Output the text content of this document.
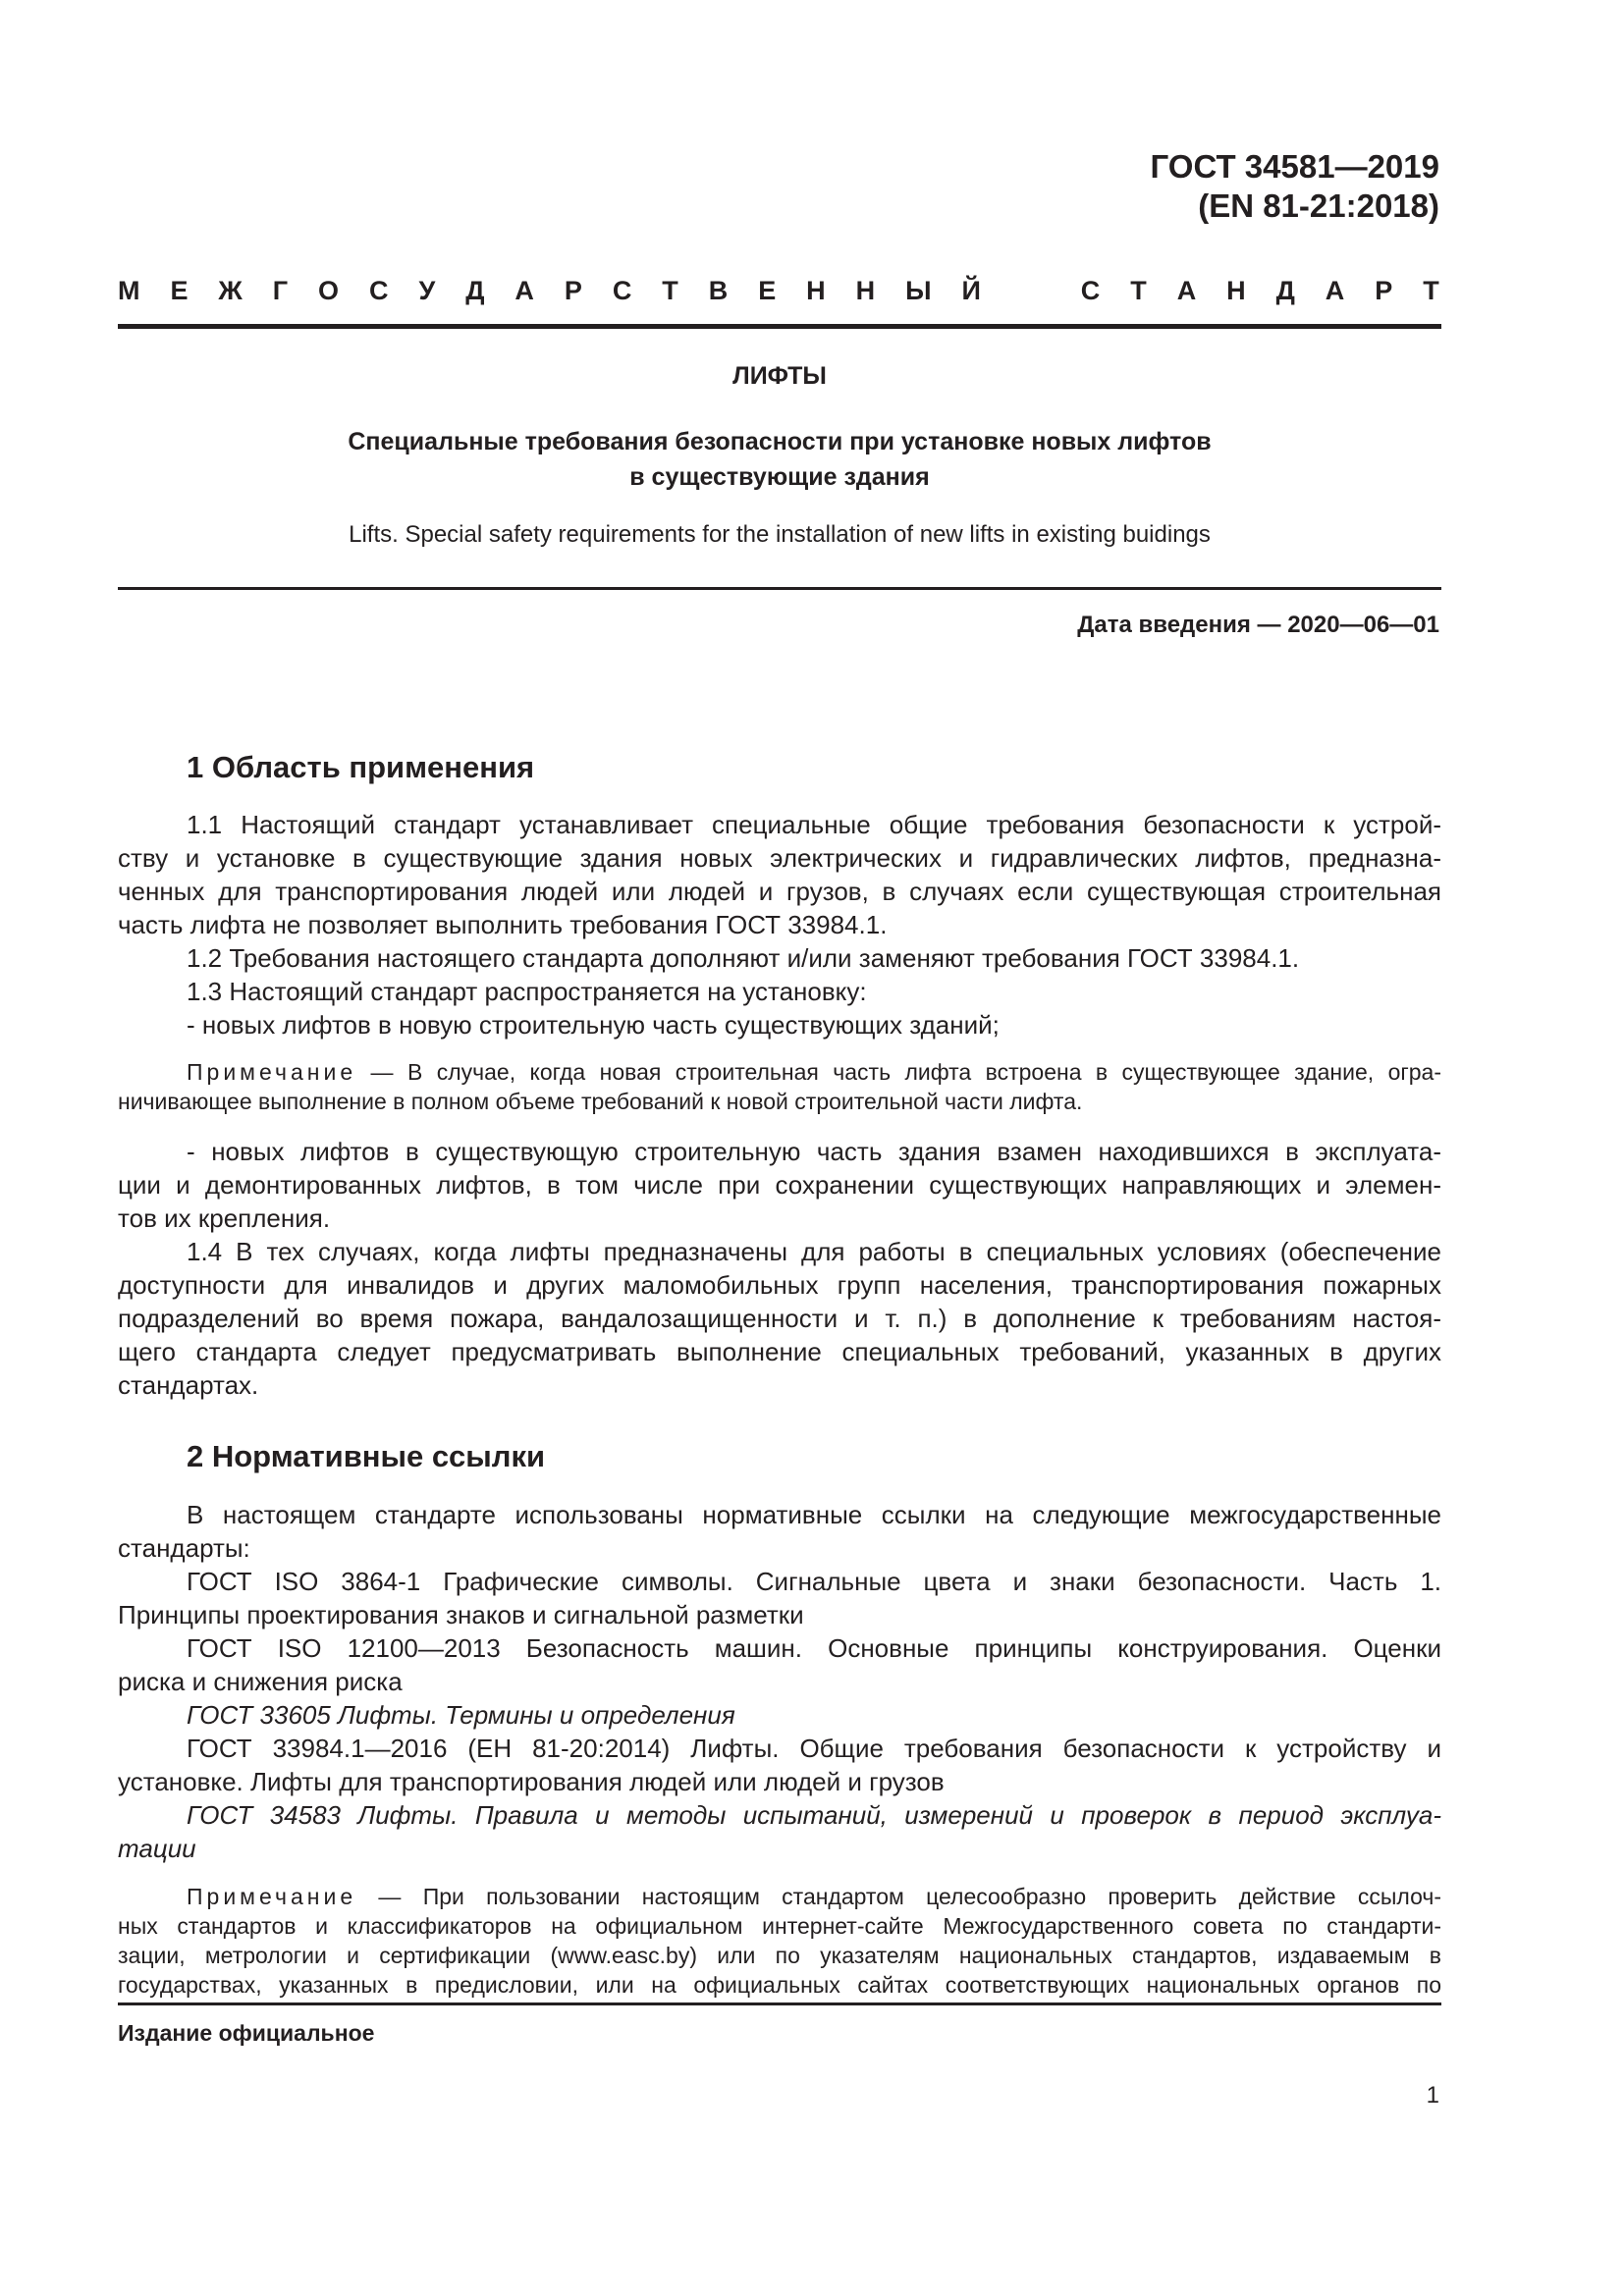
ГОСТ 34581—2019
(EN 81-21:2018)
М Е Ж Г О С У Д А Р С Т В Е Н Н Ы Й	С Т А Н Д А Р Т
ЛИФТЫ
Специальные требования безопасности при установке новых лифтов
в существующие здания
Lifts. Special safety requirements for the installation of new lifts in existing buidings
Дата введения — 2020—06—01
1 Область применения
1.1 Настоящий стандарт устанавливает специальные общие требования безопасности к устрой-
ству и установке в существующие здания новых электрических и гидравлических лифтов, предназна-
ченных для транспортирования людей или людей и грузов, в случаях если существующая строительная
часть лифта не позволяет выполнить требования ГОСТ 33984.1.
1.2 Требования настоящего стандарта дополняют и/или заменяют требования ГОСТ 33984.1.
1.3 Настоящий стандарт распространяется на установку:
- новых лифтов в новую строительную часть существующих зданий;
Примечание — В случае, когда новая строительная часть лифта встроена в существующее здание, огра-
ничивающее выполнение в полном объеме требований к новой строительной части лифта.
- новых лифтов в существующую строительную часть здания взамен находившихся в эксплуата-
ции и демонтированных лифтов, в том числе при сохранении существующих направляющих и элемен-
тов их крепления.
1.4 В тех случаях, когда лифты предназначены для работы в специальных условиях (обеспечение
доступности для инвалидов и других маломобильных групп населения, транспортирования пожарных
подразделений во время пожара, вандалозащищенности и т. п.) в дополнение к требованиям настоя-
щего стандарта следует предусматривать выполнение специальных требований, указанных в других
стандартах.
2 Нормативные ссылки
В настоящем стандарте использованы нормативные ссылки на следующие межгосударственные
стандарты:
ГОСТ ISO 3864-1 Графические символы. Сигнальные цвета и знаки безопасности. Часть 1.
Принципы проектирования знаков и сигнальной разметки
ГОСТ ISO 12100—2013 Безопасность машин. Основные принципы конструирования. Оценки
риска и снижения риска
ГОСТ 33605 Лифты. Термины и определения
ГОСТ 33984.1—2016 (ЕН 81-20:2014) Лифты. Общие требования безопасности к устройству и
установке. Лифты для транспортирования людей или людей и грузов
ГОСТ 34583 Лифты. Правила и методы испытаний, измерений и проверок в период эксплуа-
тации
Примечание — При пользовании настоящим стандартом целесообразно проверить действие ссылоч-
ных стандартов и классификаторов на официальном интернет-сайте Межгосударственного совета по стандарти-
зации, метрологии и сертификации (www.easc.by) или по указателям национальных стандартов, издаваемым в
государствах, указанных в предисловии, или на официальных сайтах соответствующих национальных органов по
Издание официальное
1
